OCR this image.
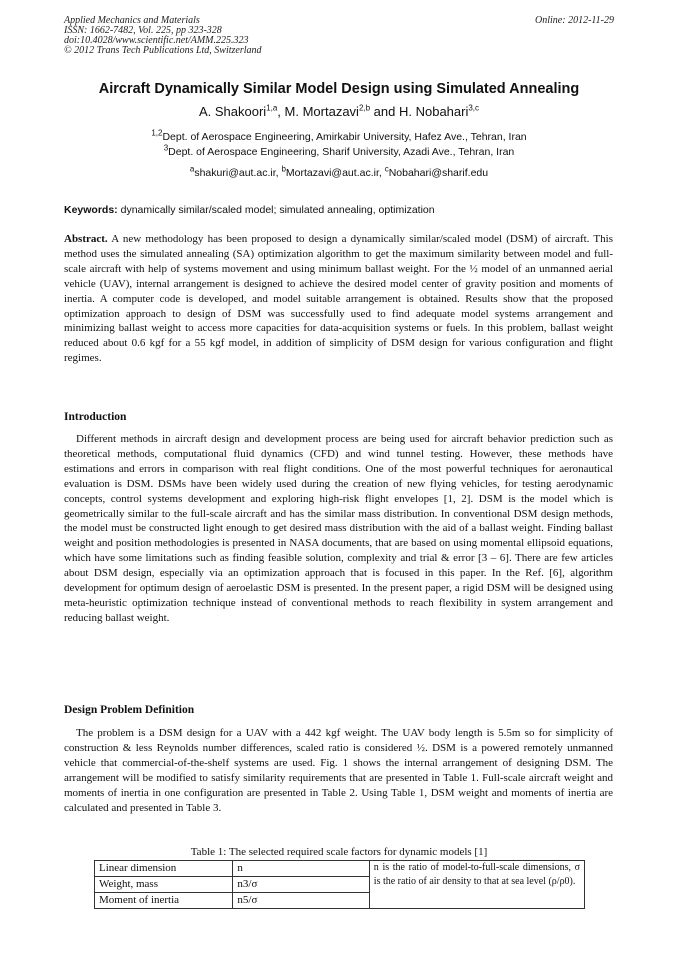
Applied Mechanics and Materials
ISSN: 1662-7482, Vol. 225, pp 323-328
doi:10.4028/www.scientific.net/AMM.225.323
© 2012 Trans Tech Publications Ltd, Switzerland
Online: 2012-11-29
Aircraft Dynamically Similar Model Design using Simulated Annealing
A. Shakoori$^{1,a}$, M. Mortazavi$^{2,b}$ and H. Nobahari$^{3,c}$
$^{1,2}$Dept. of Aerospace Engineering, Amirkabir University, Hafez Ave., Tehran, Iran
$^3$Dept. of Aerospace Engineering, Sharif University, Azadi Ave., Tehran, Iran
$^a$shakuri@aut.ac.ir, $^b$Mortazavi@aut.ac.ir, $^c$Nobahari@sharif.edu
Keywords: dynamically similar/scaled model; simulated annealing, optimization
Abstract. A new methodology has been proposed to design a dynamically similar/scaled model (DSM) of aircraft. This method uses the simulated annealing (SA) optimization algorithm to get the maximum similarity between model and full-scale aircraft with help of systems movement and using minimum ballast weight. For the ½ model of an unmanned aerial vehicle (UAV), internal arrangement is designed to achieve the desired model center of gravity position and moments of inertia. A computer code is developed, and model suitable arrangement is obtained. Results show that the proposed optimization approach to design of DSM was successfully used to find adequate model systems arrangement and minimizing ballast weight to access more capacities for data-acquisition systems or fuels. In this problem, ballast weight reduced about 0.6 kgf for a 55 kgf model, in addition of simplicity of DSM design for various configuration and flight regimes.
Introduction
Different methods in aircraft design and development process are being used for aircraft behavior prediction such as theoretical methods, computational fluid dynamics (CFD) and wind tunnel testing. However, these methods have estimations and errors in comparison with real flight conditions. One of the most powerful techniques for aeronautical evaluation is DSM. DSMs have been widely used during the creation of new flying vehicles, for testing aerodynamic concepts, control systems development and exploring high-risk flight envelopes [1, 2]. DSM is the model which is geometrically similar to the full-scale aircraft and has the similar mass distribution. In conventional DSM design methods, the model must be constructed light enough to get desired mass distribution with the aid of a ballast weight. Finding ballast weight and position methodologies is presented in NASA documents, that are based on using momental ellipsoid equations, which have some limitations such as finding feasible solution, complexity and trial & error [3 – 6]. There are few articles about DSM design, especially via an optimization approach that is focused in this paper. In the Ref. [6], algorithm development for optimum design of aeroelastic DSM is presented. In the present paper, a rigid DSM will be designed using meta-heuristic optimization technique instead of conventional methods to reach flexibility in system arrangement and reducing ballast weight.
Design Problem Definition
The problem is a DSM design for a UAV with a 442 kgf weight. The UAV body length is 5.5m so for simplicity of construction & less Reynolds number differences, scaled ratio is considered ½. DSM is a powered remotely unmanned vehicle that commercial-of-the-shelf systems are used. Fig. 1 shows the internal arrangement of designing DSM. The arrangement will be modified to satisfy similarity requirements that are presented in Table 1. Full-scale aircraft weight and moments of inertia in one configuration are presented in Table 2. Using Table 1, DSM weight and moments of inertia are calculated and presented in Table 3.
Table 1: The selected required scale factors for dynamic models [1]
Linear dimension	n	n is the ratio of model-to-full-scale dimensions, σ is the ratio of air density to that at sea level (ρ/ρ0).
Weight, mass	n3/σ	
Moment of inertia	n5/σ	
